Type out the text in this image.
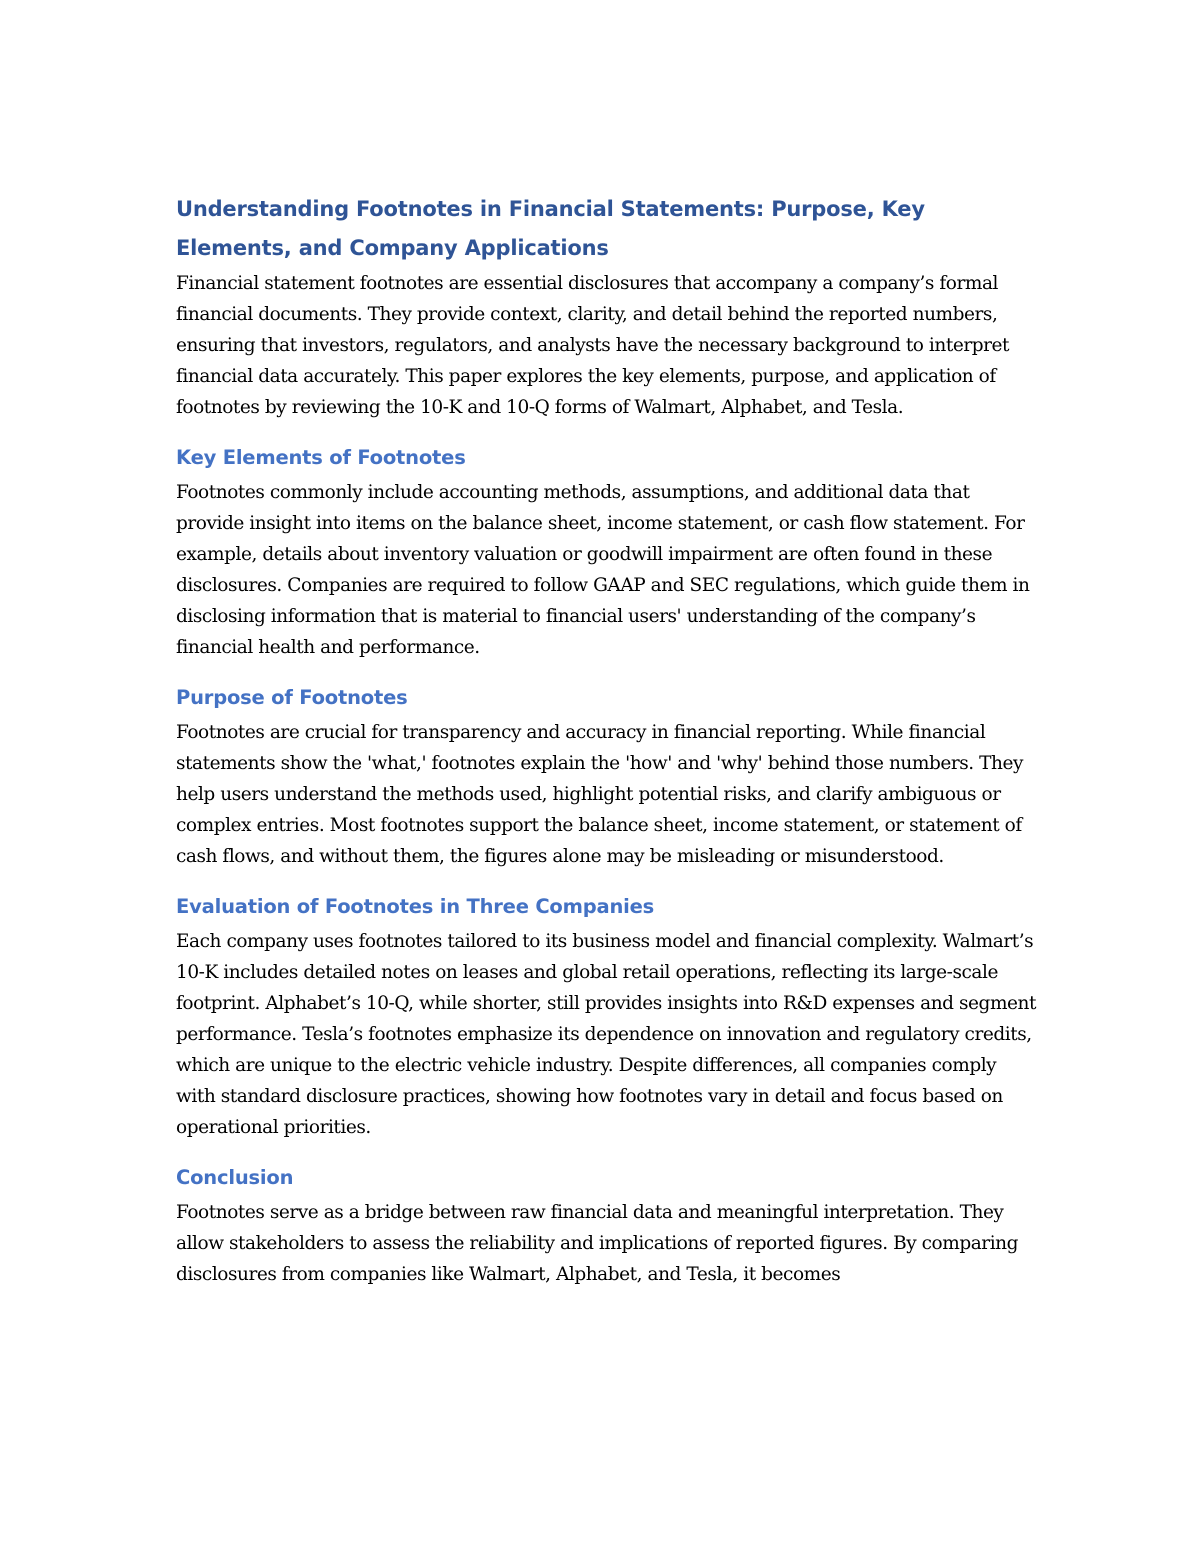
Understanding Footnotes in Financial Statements: Purpose, Key Elements, and Company Applications

Financial statement footnotes are essential disclosures that accompany a company’s formal financial documents. They provide context, clarity, and detail behind the reported numbers, ensuring that investors, regulators, and analysts have the necessary background to interpret financial data accurately. This paper explores the key elements, purpose, and application of footnotes by reviewing the 10-K and 10-Q forms of Walmart, Alphabet, and Tesla.

Key Elements of Footnotes

Footnotes commonly include accounting methods, assumptions, and additional data that provide insight into items on the balance sheet, income statement, or cash flow statement. For example, details about inventory valuation or goodwill impairment are often found in these disclosures. Companies are required to follow GAAP and SEC regulations, which guide them in disclosing information that is material to financial users' understanding of the company’s financial health and performance.

Purpose of Footnotes

Footnotes are crucial for transparency and accuracy in financial reporting. While financial statements show the 'what,' footnotes explain the 'how' and 'why' behind those numbers. They help users understand the methods used, highlight potential risks, and clarify ambiguous or complex entries. Most footnotes support the balance sheet, income statement, or statement of cash flows, and without them, the figures alone may be misleading or misunderstood.

Evaluation of Footnotes in Three Companies

Each company uses footnotes tailored to its business model and financial complexity. Walmart’s 10-K includes detailed notes on leases and global retail operations, reflecting its large-scale footprint. Alphabet’s 10-Q, while shorter, still provides insights into R&D expenses and segment performance. Tesla’s footnotes emphasize its dependence on innovation and regulatory credits, which are unique to the electric vehicle industry. Despite differences, all companies comply with standard disclosure practices, showing how footnotes vary in detail and focus based on operational priorities.

Conclusion

Footnotes serve as a bridge between raw financial data and meaningful interpretation. They allow stakeholders to assess the reliability and implications of reported figures. By comparing disclosures from companies like Walmart, Alphabet, and Tesla, it becomes
